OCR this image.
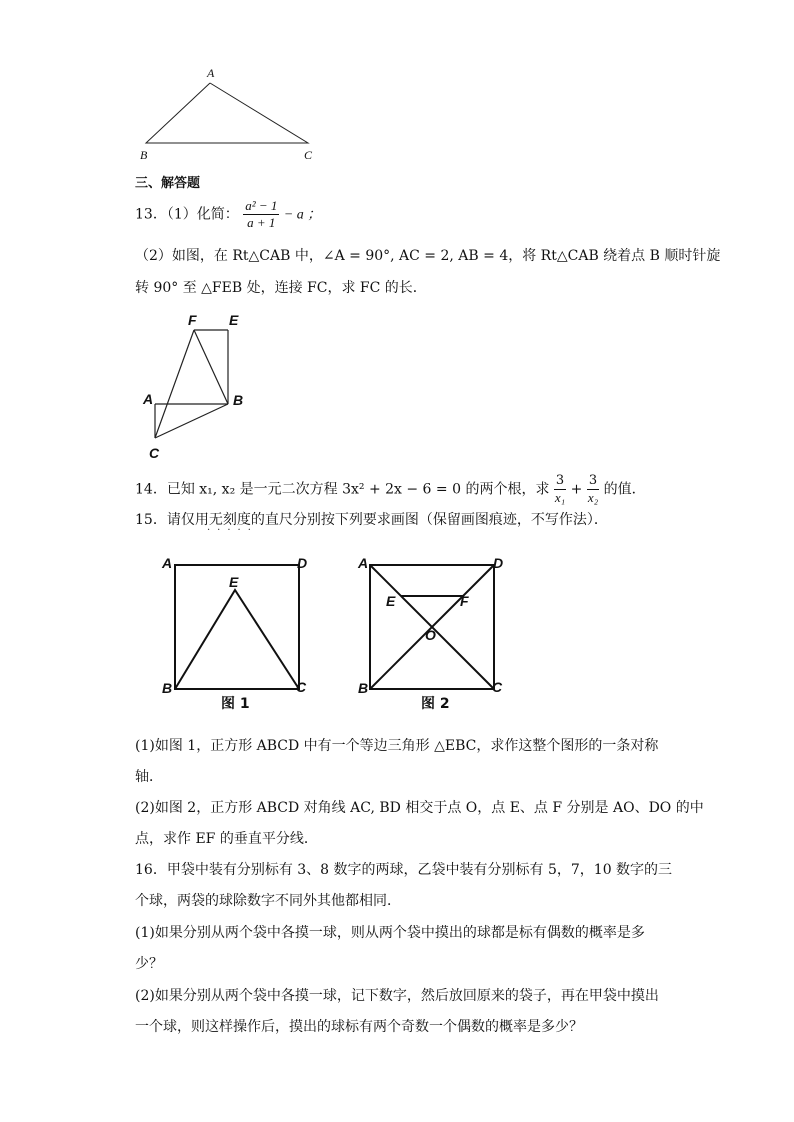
A
B	C
三、解答题
13．（1）化简： $\frac{\text{a² − 1}}{a + 1} - a$ ；
（2）如图，在 Rt△CAB 中，∠A = 90°, AC = 2, AB = 4，将 Rt△CAB 绕着点 B 顺时针旋
转 90° 至 △FEB 处，连接 FC，求 FC 的长．
F E
A	B
C
14．已知 x₁, x₂ 是一元二次方程 3x² + 2x − 6 = 0 的两个根，求 $\frac{3}{\text{x₁}} + \frac{3}{\text{x₂}}$ 的值．
15．请仅用无刻度的直尺分别按下列要求画图（保留画图痕迹，不写作法）．
·····
A	D
E
B	C
图 1
A	D
E	F
O
B	C
图 2
(1)如图 1，正方形 ABCD 中有一个等边三角形 △EBC，求作这整个图形的一条对称
轴．
(2)如图 2，正方形 ABCD 对角线 AC, BD 相交于点 O，点 E、点 F 分别是 AO、DO 的中
点，求作 EF 的垂直平分线．
16．甲袋中装有分别标有 3、8 数字的两球，乙袋中装有分别标有 5，7，10 数字的三
个球，两袋的球除数字不同外其他都相同．
(1)如果分别从两个袋中各摸一球，则从两个袋中摸出的球都是标有偶数的概率是多
少？
(2)如果分别从两个袋中各摸一球，记下数字，然后放回原来的袋子，再在甲袋中摸出
一个球，则这样操作后，摸出的球标有两个奇数一个偶数的概率是多少？
